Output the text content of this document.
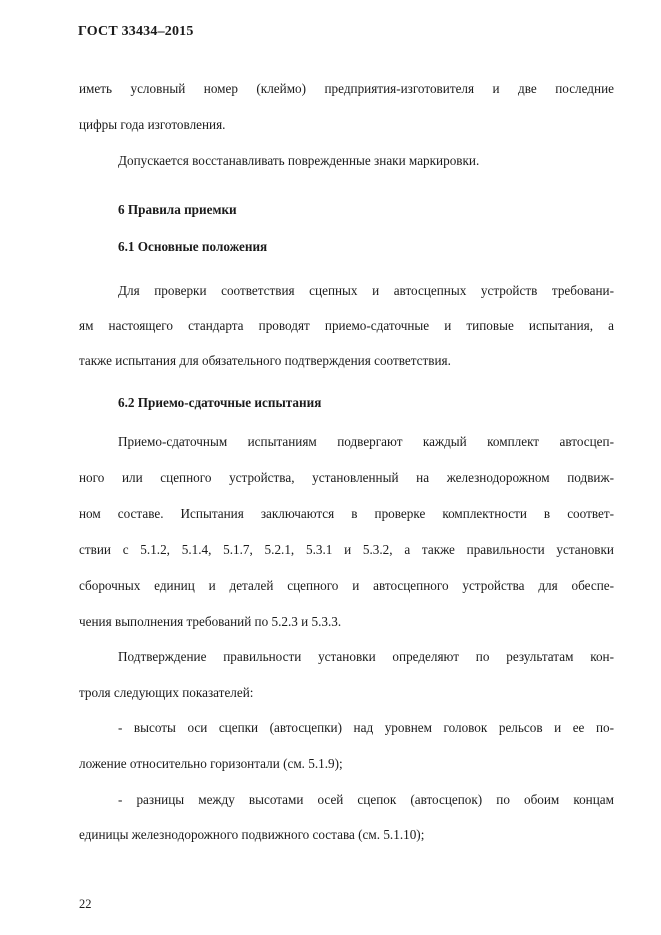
ГОСТ 33434–2015
иметь условный номер (клеймо) предприятия-изготовителя и две последние
цифры года изготовления.
Допускается восстанавливать поврежденные знаки маркировки.
6 Правила приемки
6.1 Основные положения
Для проверки соответствия сцепных и автосцепных устройств требовани-
ям настоящего стандарта проводят приемо-сдаточные и типовые испытания, а
также испытания для обязательного подтверждения соответствия.
6.2 Приемо-сдаточные испытания
Приемо-сдаточным испытаниям подвергают каждый комплект автосцеп-
ного или сцепного устройства, установленный на железнодорожном подвиж-
ном составе. Испытания заключаются в проверке комплектности в соответ-
ствии с 5.1.2, 5.1.4, 5.1.7, 5.2.1, 5.3.1 и 5.3.2, а также правильности установки
сборочных единиц и деталей сцепного и автосцепного устройства для обеспе-
чения выполнения требований по 5.2.3 и 5.3.3.
Подтверждение правильности установки определяют по результатам кон-
троля следующих показателей:
- высоты оси сцепки (автосцепки) над уровнем головок рельсов и ее по-
ложение относительно горизонтали (см. 5.1.9);
- разницы между высотами осей сцепок (автосцепок) по обоим концам
единицы железнодорожного подвижного состава (см. 5.1.10);
22
